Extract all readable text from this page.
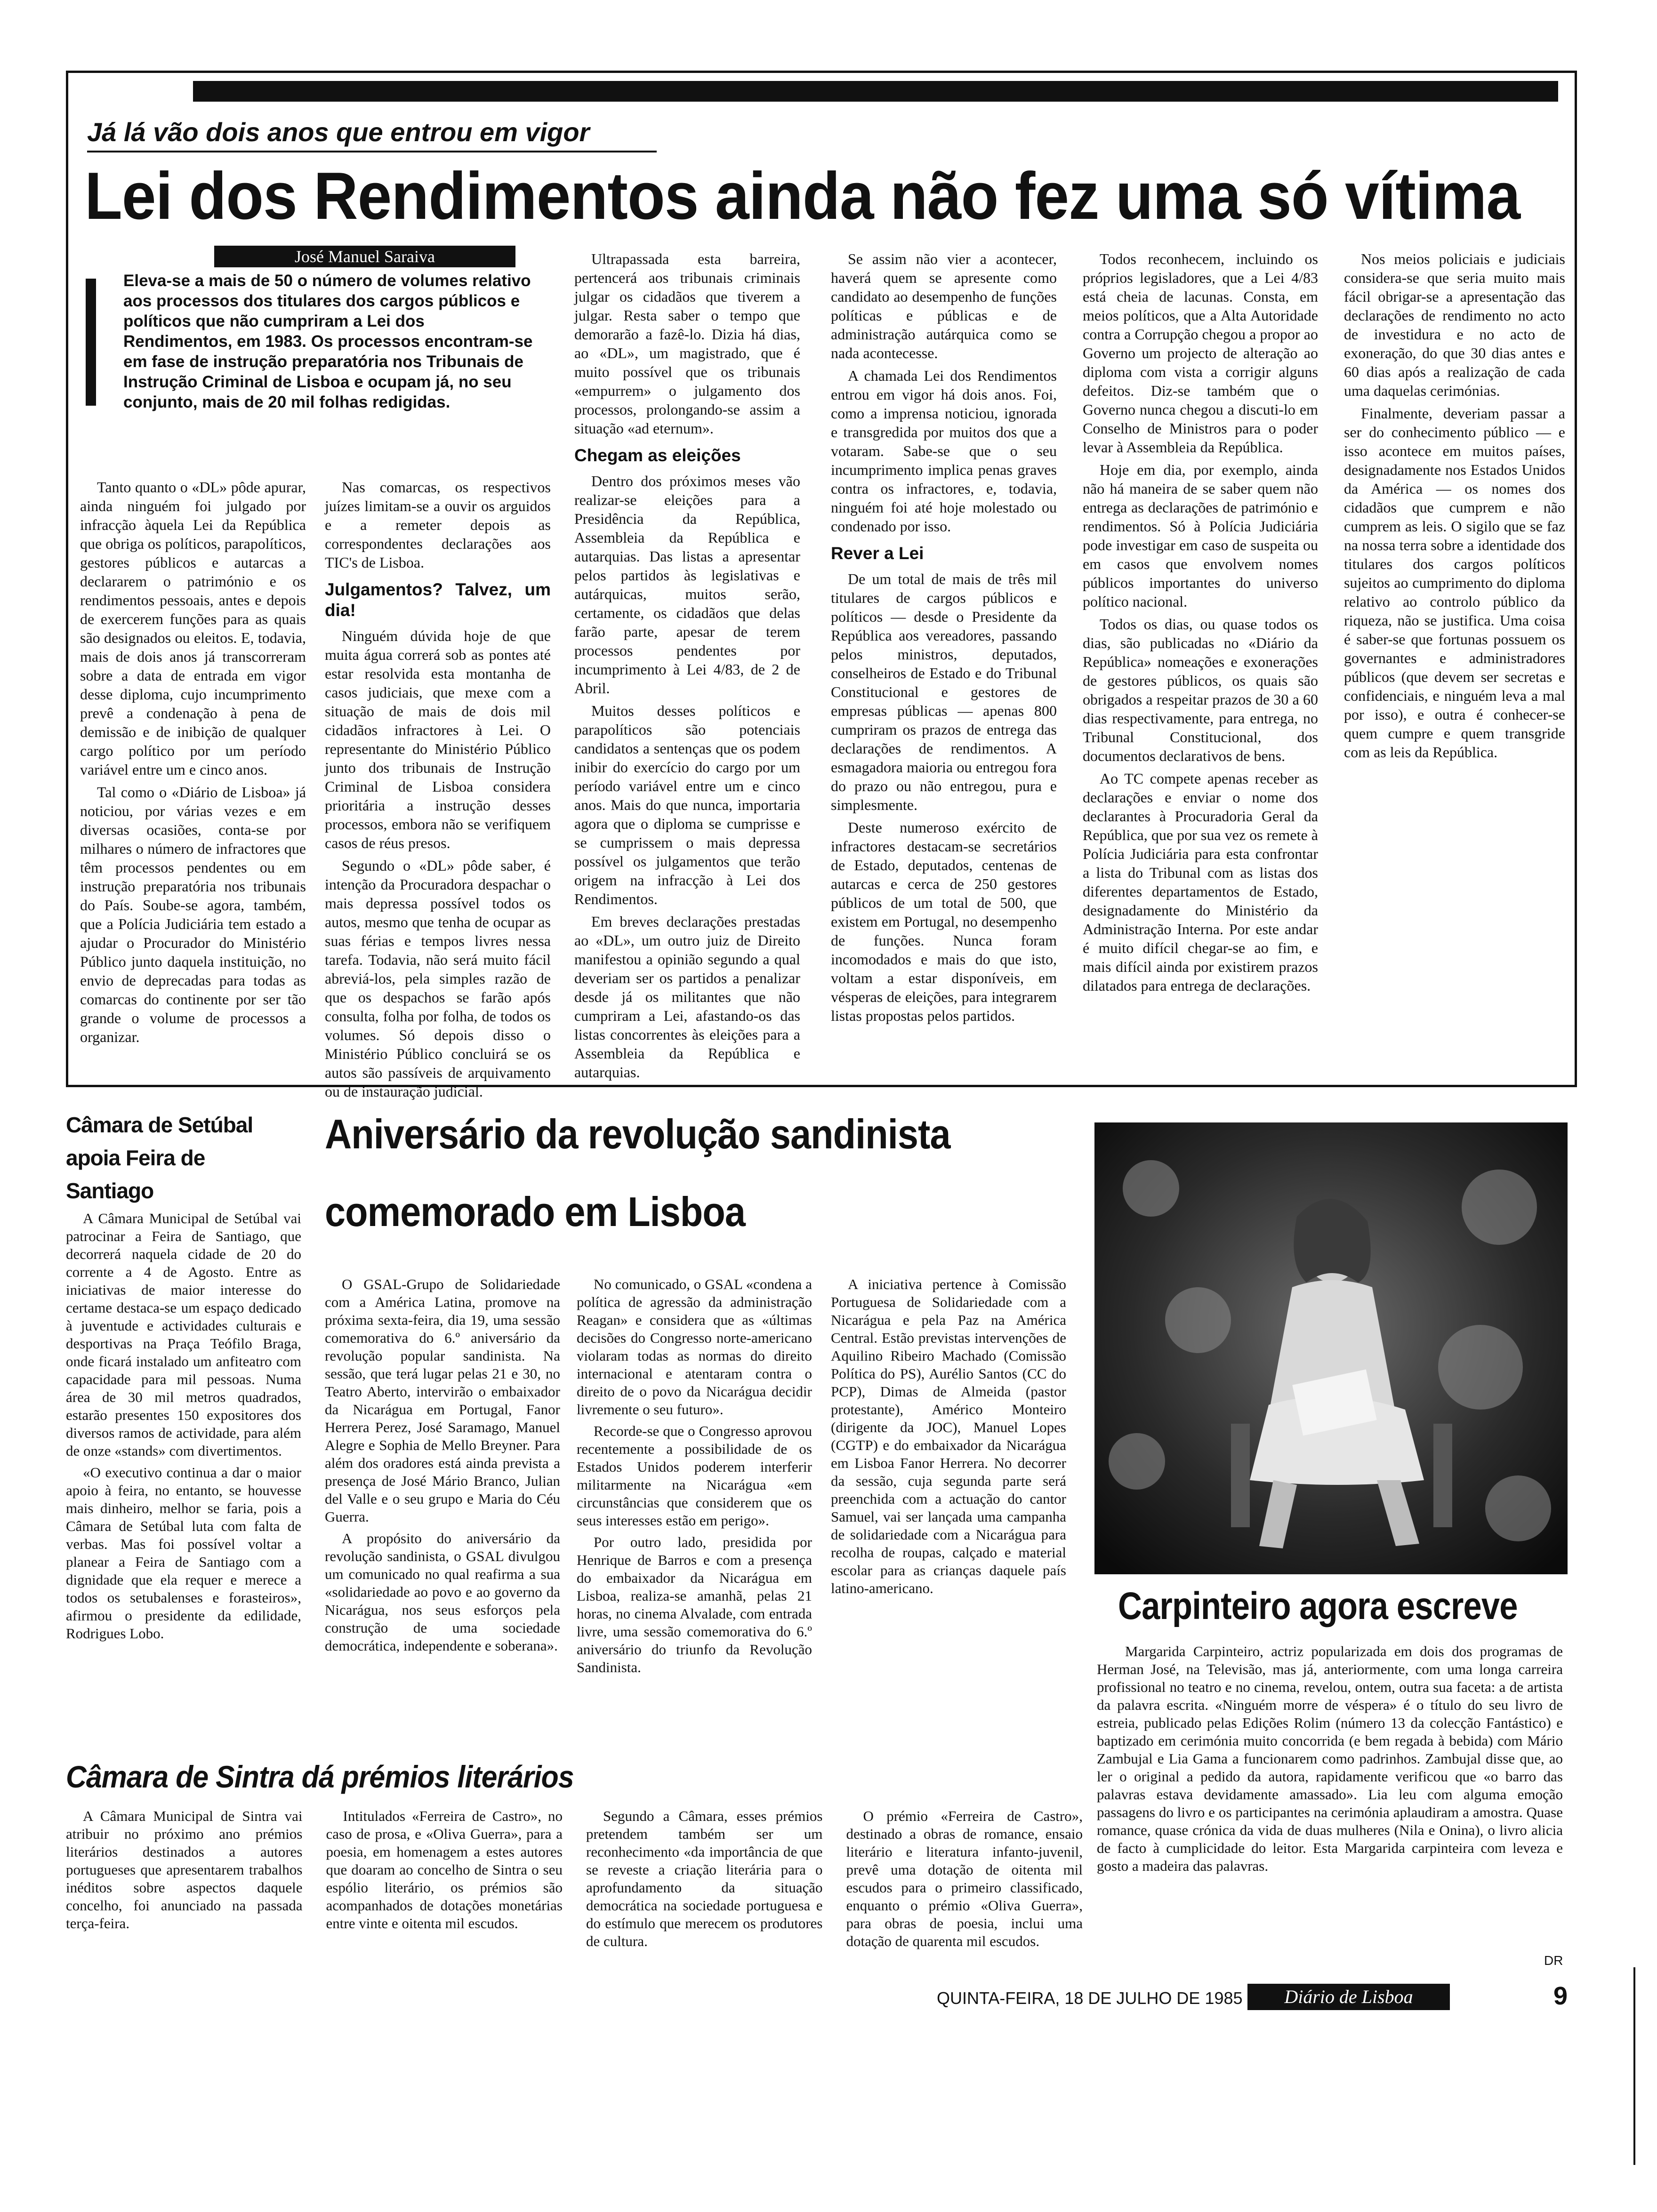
Já lá vão dois anos que entrou em vigor
Lei dos Rendimentos ainda não fez uma só vítima
José Manuel Saraiva
Eleva-se a mais de 50 o número de volumes relativo aos processos dos titulares dos cargos públicos e políticos que não cumpriram a Lei dos Rendimentos, em 1983. Os processos encontram-se em fase de instrução preparatória nos Tribunais de Instrução Criminal de Lisboa e ocupam já, no seu conjunto, mais de 20 mil folhas redigidas.

Tanto quanto o «DL» pôde apurar, ainda ninguém foi julgado por infracção àquela Lei da República que obriga os políticos, parapolíticos, gestores públicos e autarcas a declararem o património e os rendimentos pessoais, antes e depois de exercerem funções para as quais são designados ou eleitos. E, todavia, mais de dois anos já transcorreram sobre a data de entrada em vigor desse diploma, cujo incumprimento prevê a condenação à pena de demissão e de inibição de qualquer cargo político por um período variável entre um e cinco anos.

Tal como o «Diário de Lisboa» já noticiou, por várias vezes e em diversas ocasiões, conta-se por milhares o número de infractores que têm processos pendentes ou em instrução preparatória nos tribunais do País. Soube-se agora, também, que a Polícia Judiciária tem estado a ajudar o Procurador do Ministério Público junto daquela instituição, no envio de deprecadas para todas as comarcas do continente por ser tão grande o volume de processos a organizar.

Nas comarcas, os respectivos juízes limitam-se a ouvir os arguidos e a remeter depois as correspondentes declarações aos TIC's de Lisboa.

Julgamentos? Talvez, um dia!

Ninguém dúvida hoje de que muita água correrá sob as pontes até estar resolvida esta montanha de casos judiciais, que mexe com a situação de mais de dois mil cidadãos infractores à Lei. O representante do Ministério Público junto dos tribunais de Instrução Criminal de Lisboa considera prioritária a instrução desses processos, embora não se verifiquem casos de réus presos.

Segundo o «DL» pôde saber, é intenção da Procuradora despachar o mais depressa possível todos os autos, mesmo que tenha de ocupar as suas férias e tempos livres nessa tarefa. Todavia, não será muito fácil abreviá-los, pela simples razão de que os despachos se farão após consulta, folha por folha, de todos os volumes. Só depois disso o Ministério Público concluirá se os autos são passíveis de arquivamento ou de instauração judicial.

Ultrapassada esta barreira, pertencerá aos tribunais criminais julgar os cidadãos que tiverem a julgar. Resta saber o tempo que demorarão a fazê-lo. Dizia há dias, ao «DL», um magistrado, que é muito possível que os tribunais «empurrem» o julgamento dos processos, prolongando-se assim a situação «ad eternum».

Chegam as eleições

Dentro dos próximos meses vão realizar-se eleições para a Presidência da República, Assembleia da República e autarquias. Das listas a apresentar pelos partidos às legislativas e autárquicas, muitos serão, certamente, os cidadãos que delas farão parte, apesar de terem processos pendentes por incumprimento à Lei 4/83, de 2 de Abril.

Muitos desses políticos e parapolíticos são potenciais candidatos a sentenças que os podem inibir do exercício do cargo por um período variável entre um e cinco anos. Mais do que nunca, importaria agora que o diploma se cumprisse e se cumprissem o mais depressa possível os julgamentos que terão origem na infracção à Lei dos Rendimentos.

Em breves declarações prestadas ao «DL», um outro juiz de Direito manifestou a opinião segundo a qual deveriam ser os partidos a penalizar desde já os militantes que não cumpriram a Lei, afastando-os das listas concorrentes às eleições para a Assembleia da República e autarquias.

Se assim não vier a acontecer, haverá quem se apresente como candidato ao desempenho de funções políticas e públicas e de administração autárquica como se nada acontecesse.

A chamada Lei dos Rendimentos entrou em vigor há dois anos. Foi, como a imprensa noticiou, ignorada e transgredida por muitos dos que a votaram. Sabe-se que o seu incumprimento implica penas graves contra os infractores, e, todavia, ninguém foi até hoje molestado ou condenado por isso.

Rever a Lei

De um total de mais de três mil titulares de cargos públicos e políticos — desde o Presidente da República aos vereadores, passando pelos ministros, deputados, conselheiros de Estado e do Tribunal Constitucional e gestores de empresas públicas — apenas 800 cumpriram os prazos de entrega das declarações de rendimentos. A esmagadora maioria ou entregou fora do prazo ou não entregou, pura e simplesmente.

Deste numeroso exército de infractores destacam-se secretários de Estado, deputados, centenas de autarcas e cerca de 250 gestores públicos de um total de 500, que existem em Portugal, no desempenho de funções. Nunca foram incomodados e mais do que isto, voltam a estar disponíveis, em vésperas de eleições, para integrarem listas propostas pelos partidos.

Todos reconhecem, incluindo os próprios legisladores, que a Lei 4/83 está cheia de lacunas. Consta, em meios políticos, que a Alta Autoridade contra a Corrupção chegou a propor ao Governo um projecto de alteração ao diploma com vista a corrigir alguns defeitos. Diz-se também que o Governo nunca chegou a discuti-lo em Conselho de Ministros para o poder levar à Assembleia da República.

Hoje em dia, por exemplo, ainda não há maneira de se saber quem não entrega as declarações de património e rendimentos. Só à Polícia Judiciária pode investigar em caso de suspeita ou em casos que envolvem nomes públicos importantes do universo político nacional.

Todos os dias, ou quase todos os dias, são publicadas no «Diário da República» nomeações e exonerações de gestores públicos, os quais são obrigados a respeitar prazos de 30 a 60 dias respectivamente, para entrega, no Tribunal Constitucional, dos documentos declarativos de bens.

Ao TC compete apenas receber as declarações e enviar o nome dos declarantes à Procuradoria Geral da República, que por sua vez os remete à Polícia Judiciária para esta confrontar a lista do Tribunal com as listas dos diferentes departamentos de Estado, designadamente do Ministério da Administração Interna. Por este andar é muito difícil chegar-se ao fim, e mais difícil ainda por existirem prazos dilatados para entrega de declarações.

Nos meios policiais e judiciais considera-se que seria muito mais fácil obrigar-se a apresentação das declarações de rendimento no acto de investidura e no acto de exoneração, do que 30 dias antes e 60 dias após a realização de cada uma daquelas cerimónias.

Finalmente, deveriam passar a ser do conhecimento público — e isso acontece em muitos países, designadamente nos Estados Unidos da América — os nomes dos cidadãos que cumprem e não cumprem as leis. O sigilo que se faz na nossa terra sobre a identidade dos titulares dos cargos políticos sujeitos ao cumprimento do diploma relativo ao controlo público da riqueza, não se justifica. Uma coisa é saber-se que fortunas possuem os governantes e administradores públicos (que devem ser secretas e confidenciais, e ninguém leva a mal por isso), e outra é conhecer-se quem cumpre e quem transgride com as leis da República.

Câmara de Setúbal apoia Feira de Santiago

A Câmara Municipal de Setúbal vai patrocinar a Feira de Santiago, que decorrerá naquela cidade de 20 do corrente a 4 de Agosto. Entre as iniciativas de maior interesse do certame destaca-se um espaço dedicado à juventude e actividades culturais e desportivas na Praça Teófilo Braga, onde ficará instalado um anfiteatro com capacidade para mil pessoas. Numa área de 30 mil metros quadrados, estarão presentes 150 expositores dos diversos ramos de actividade, para além de onze «stands» com divertimentos.

«O executivo continua a dar o maior apoio à feira, no entanto, se houvesse mais dinheiro, melhor se faria, pois a Câmara de Setúbal luta com falta de verbas. Mas foi possível voltar a planear a Feira de Santiago com a dignidade que ela requer e merece a todos os setubalenses e forasteiros», afirmou o presidente da edilidade, Rodrigues Lobo.

Aniversário da revolução sandinista
comemorado em Lisboa

O GSAL-Grupo de Solidariedade com a América Latina, promove na próxima sexta-feira, dia 19, uma sessão comemorativa do 6.º aniversário da revolução popular sandinista. Na sessão, que terá lugar pelas 21 e 30, no Teatro Aberto, intervirão o embaixador da Nicarágua em Portugal, Fanor Herrera Perez, José Saramago, Manuel Alegre e Sophia de Mello Breyner. Para além dos oradores está ainda prevista a presença de José Mário Branco, Julian del Valle e o seu grupo e Maria do Céu Guerra.

A propósito do aniversário da revolução sandinista, o GSAL divulgou um comunicado no qual reafirma a sua «solidariedade ao povo e ao governo da Nicarágua, nos seus esforços pela construção de uma sociedade democrática, independente e soberana».

No comunicado, o GSAL «condena a política de agressão da administração Reagan» e considera que as «últimas decisões do Congresso norte-americano violaram todas as normas do direito internacional e atentaram contra o direito de o povo da Nicarágua decidir livremente o seu futuro».

Recorde-se que o Congresso aprovou recentemente a possibilidade de os Estados Unidos poderem interferir militarmente na Nicarágua «em circunstâncias que considerem que os seus interesses estão em perigo».

Por outro lado, presidida por Henrique de Barros e com a presença do embaixador da Nicarágua em Lisboa, realiza-se amanhã, pelas 21 horas, no cinema Alvalade, com entrada livre, uma sessão comemorativa do 6.º aniversário do triunfo da Revolução Sandinista.

A iniciativa pertence à Comissão Portuguesa de Solidariedade com a Nicarágua e pela Paz na América Central. Estão previstas intervenções de Aquilino Ribeiro Machado (Comissão Política do PS), Aurélio Santos (CC do PCP), Dimas de Almeida (pastor protestante), Américo Monteiro (dirigente da JOC), Manuel Lopes (CGTP) e do embaixador da Nicarágua em Lisboa Fanor Herrera. No decorrer da sessão, cuja segunda parte será preenchida com a actuação do cantor Samuel, vai ser lançada uma campanha de solidariedade com a Nicarágua para recolha de roupas, calçado e material escolar para as crianças daquele país latino-americano.

Câmara de Sintra dá prémios literários

A Câmara Municipal de Sintra vai atribuir no próximo ano prémios literários destinados a autores portugueses que apresentarem trabalhos inéditos sobre aspectos daquele concelho, foi anunciado na passada terça-feira.

Intitulados «Ferreira de Castro», no caso de prosa, e «Oliva Guerra», para a poesia, em homenagem a estes autores que doaram ao concelho de Sintra o seu espólio literário, os prémios são acompanhados de dotações monetárias entre vinte e oitenta mil escudos.

Segundo a Câmara, esses prémios pretendem também ser um reconhecimento «da importância de que se reveste a criação literária para o aprofundamento da situação democrática na sociedade portuguesa e do estímulo que merecem os produtores de cultura.

O prémio «Ferreira de Castro», destinado a obras de romance, ensaio literário e literatura infanto-juvenil, prevê uma dotação de oitenta mil escudos para o primeiro classificado, enquanto o prémio «Oliva Guerra», para obras de poesia, inclui uma dotação de quarenta mil escudos.

Carpinteiro agora escreve
Margarida Carpinteiro, actriz popularizada em dois dos programas de Herman José, na Televisão, mas já, anteriormente, com uma longa carreira profissional no teatro e no cinema, revelou, ontem, outra sua faceta: a de artista da palavra escrita. «Ninguém morre de véspera» é o título do seu livro de estreia, publicado pelas Edições Rolim (número 13 da colecção Fantástico) e baptizado em cerimónia muito concorrida (e bem regada à bebida) com Mário Zambujal e Lia Gama a funcionarem como padrinhos. Zambujal disse que, ao ler o original a pedido da autora, rapidamente verificou que «o barro das palavras estava devidamente amassado». Lia leu com alguma emoção passagens do livro e os participantes na cerimónia aplaudiram a amostra. Quase romance, quase crónica da vida de duas mulheres (Nila e Onina), o livro alicia de facto à cumplicidade do leitor. Esta Margarida carpinteira com leveza e gosto a madeira das palavras.
DR
QUINTA-FEIRA, 18 DE JULHO DE 1985	Diário de Lisboa	9
